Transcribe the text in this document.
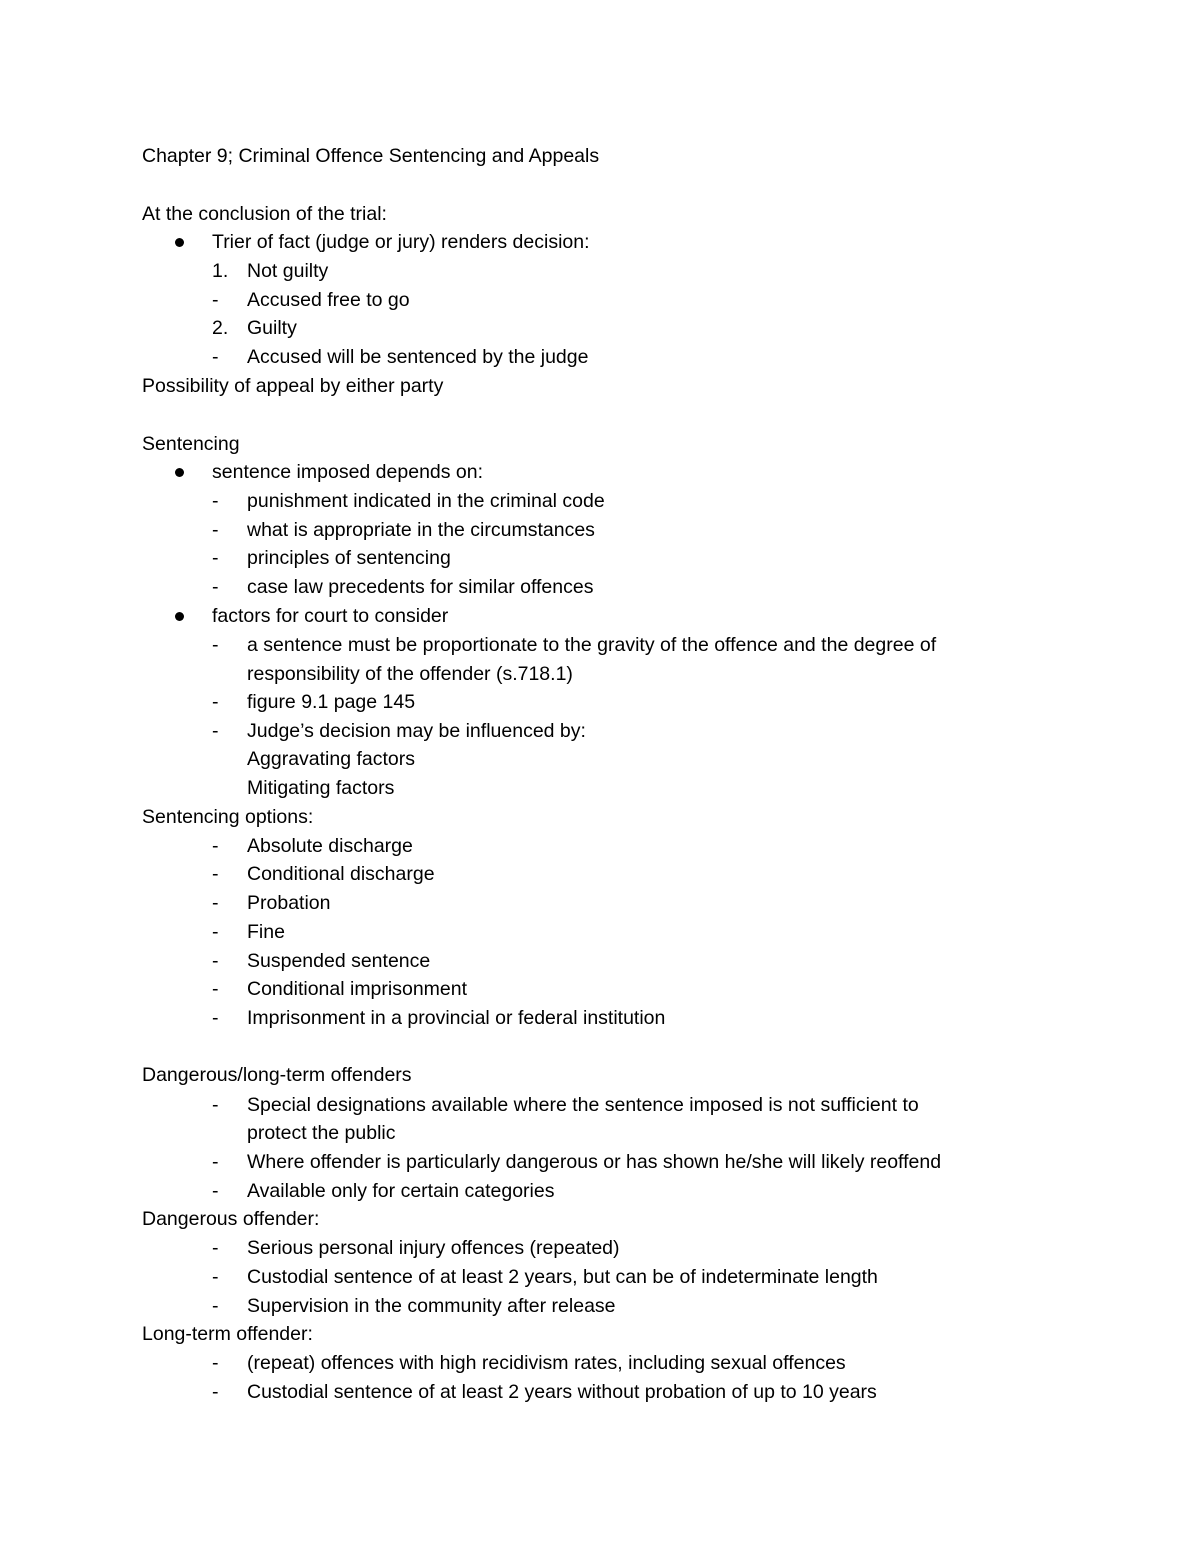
Chapter 9; Criminal Offence Sentencing and Appeals
At the conclusion of the trial:
Trier of fact (judge or jury) renders decision:
1. Not guilty
- Accused free to go
2. Guilty
- Accused will be sentenced by the judge
Possibility of appeal by either party
Sentencing
sentence imposed depends on:
- punishment indicated in the criminal code
- what is appropriate in the circumstances
- principles of sentencing
- case law precedents for similar offences
factors for court to consider
- a sentence must be proportionate to the gravity of the offence and the degree of
responsibility of the offender (s.718.1)
- figure 9.1 page 145
- Judge’s decision may be influenced by:
Aggravating factors
Mitigating factors
Sentencing options:
- Absolute discharge
- Conditional discharge
- Probation
- Fine
- Suspended sentence
- Conditional imprisonment
- Imprisonment in a provincial or federal institution
Dangerous/long-term offenders
- Special designations available where the sentence imposed is not sufficient to
protect the public
- Where offender is particularly dangerous or has shown he/she will likely reoffend
- Available only for certain categories
Dangerous offender:
- Serious personal injury offences (repeated)
- Custodial sentence of at least 2 years, but can be of indeterminate length
- Supervision in the community after release
Long-term offender:
- (repeat) offences with high recidivism rates, including sexual offences
- Custodial sentence of at least 2 years without probation of up to 10 years
